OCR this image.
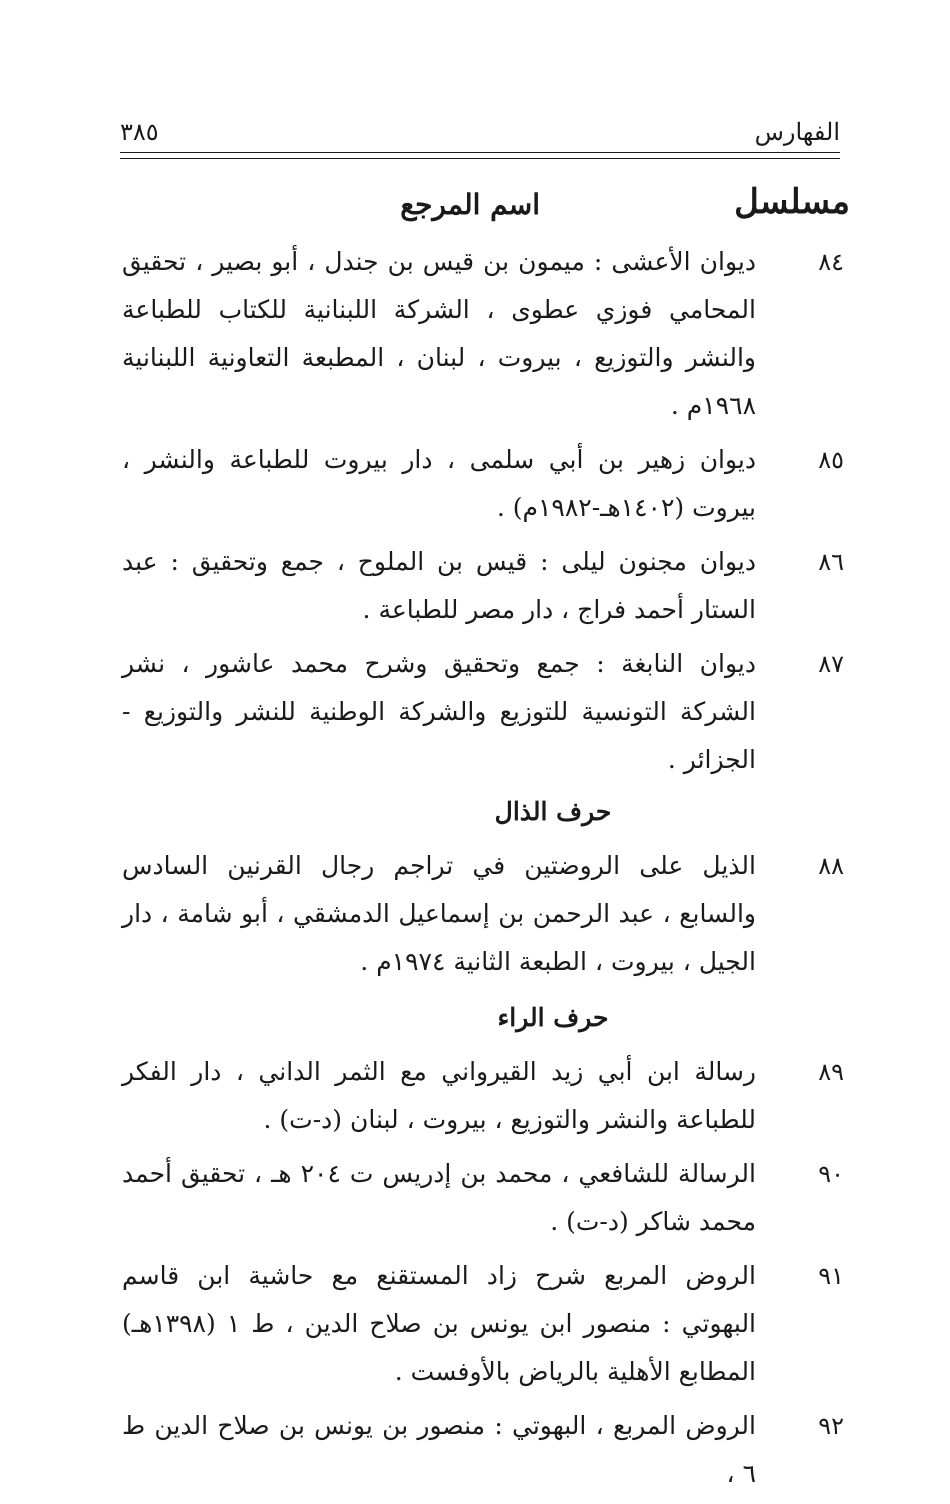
الفهارس
٣٨٥
مسلسل
اسم المرجع
٨٤
ديوان الأعشى : ميمون بن قيس بن جندل ، أبو بصير ، تحقيق المحامي فوزي عطوى ، الشركة اللبنانية للكتاب للطباعة والنشر والتوزيع ، بيروت ، لبنان ، المطبعة التعاونية اللبنانية ١٩٦٨م .
٨٥
ديوان زهير بن أبي سلمى ، دار بيروت للطباعة والنشر ، بيروت (١٤٠٢هـ-١٩٨٢م) .
٨٦
ديوان مجنون ليلى : قيس بن الملوح ، جمع وتحقيق : عبد الستار أحمد فراج ، دار مصر للطباعة .
٨٧
ديوان النابغة : جمع وتحقيق وشرح محمد عاشور ، نشر الشركة التونسية للتوزيع والشركة الوطنية للنشر والتوزيع - الجزائر .
حرف الذال
٨٨
الذيل على الروضتين في تراجم رجال القرنين السادس والسابع ، عبد الرحمن بن إسماعيل الدمشقي ، أبو شامة ، دار الجيل ، بيروت ، الطبعة الثانية ١٩٧٤م .
حرف الراء
٨٩
رسالة ابن أبي زيد القيرواني مع الثمر الداني ، دار الفكر للطباعة والنشر والتوزيع ، بيروت ، لبنان (د-ت) .
٩٠
الرسالة للشافعي ، محمد بن إدريس ت ٢٠٤ هـ ، تحقيق أحمد محمد شاكر (د-ت) .
٩١
الروض المربع شرح زاد المستقنع مع حاشية ابن قاسم البهوتي : منصور ابن يونس بن صلاح الدين ، ط ١ (١٣٩٨هـ) المطابع الأهلية بالرياض بالأوفست .
٩٢
الروض المربع ، البهوتي : منصور بن يونس بن صلاح الدين ط ٦ ،
